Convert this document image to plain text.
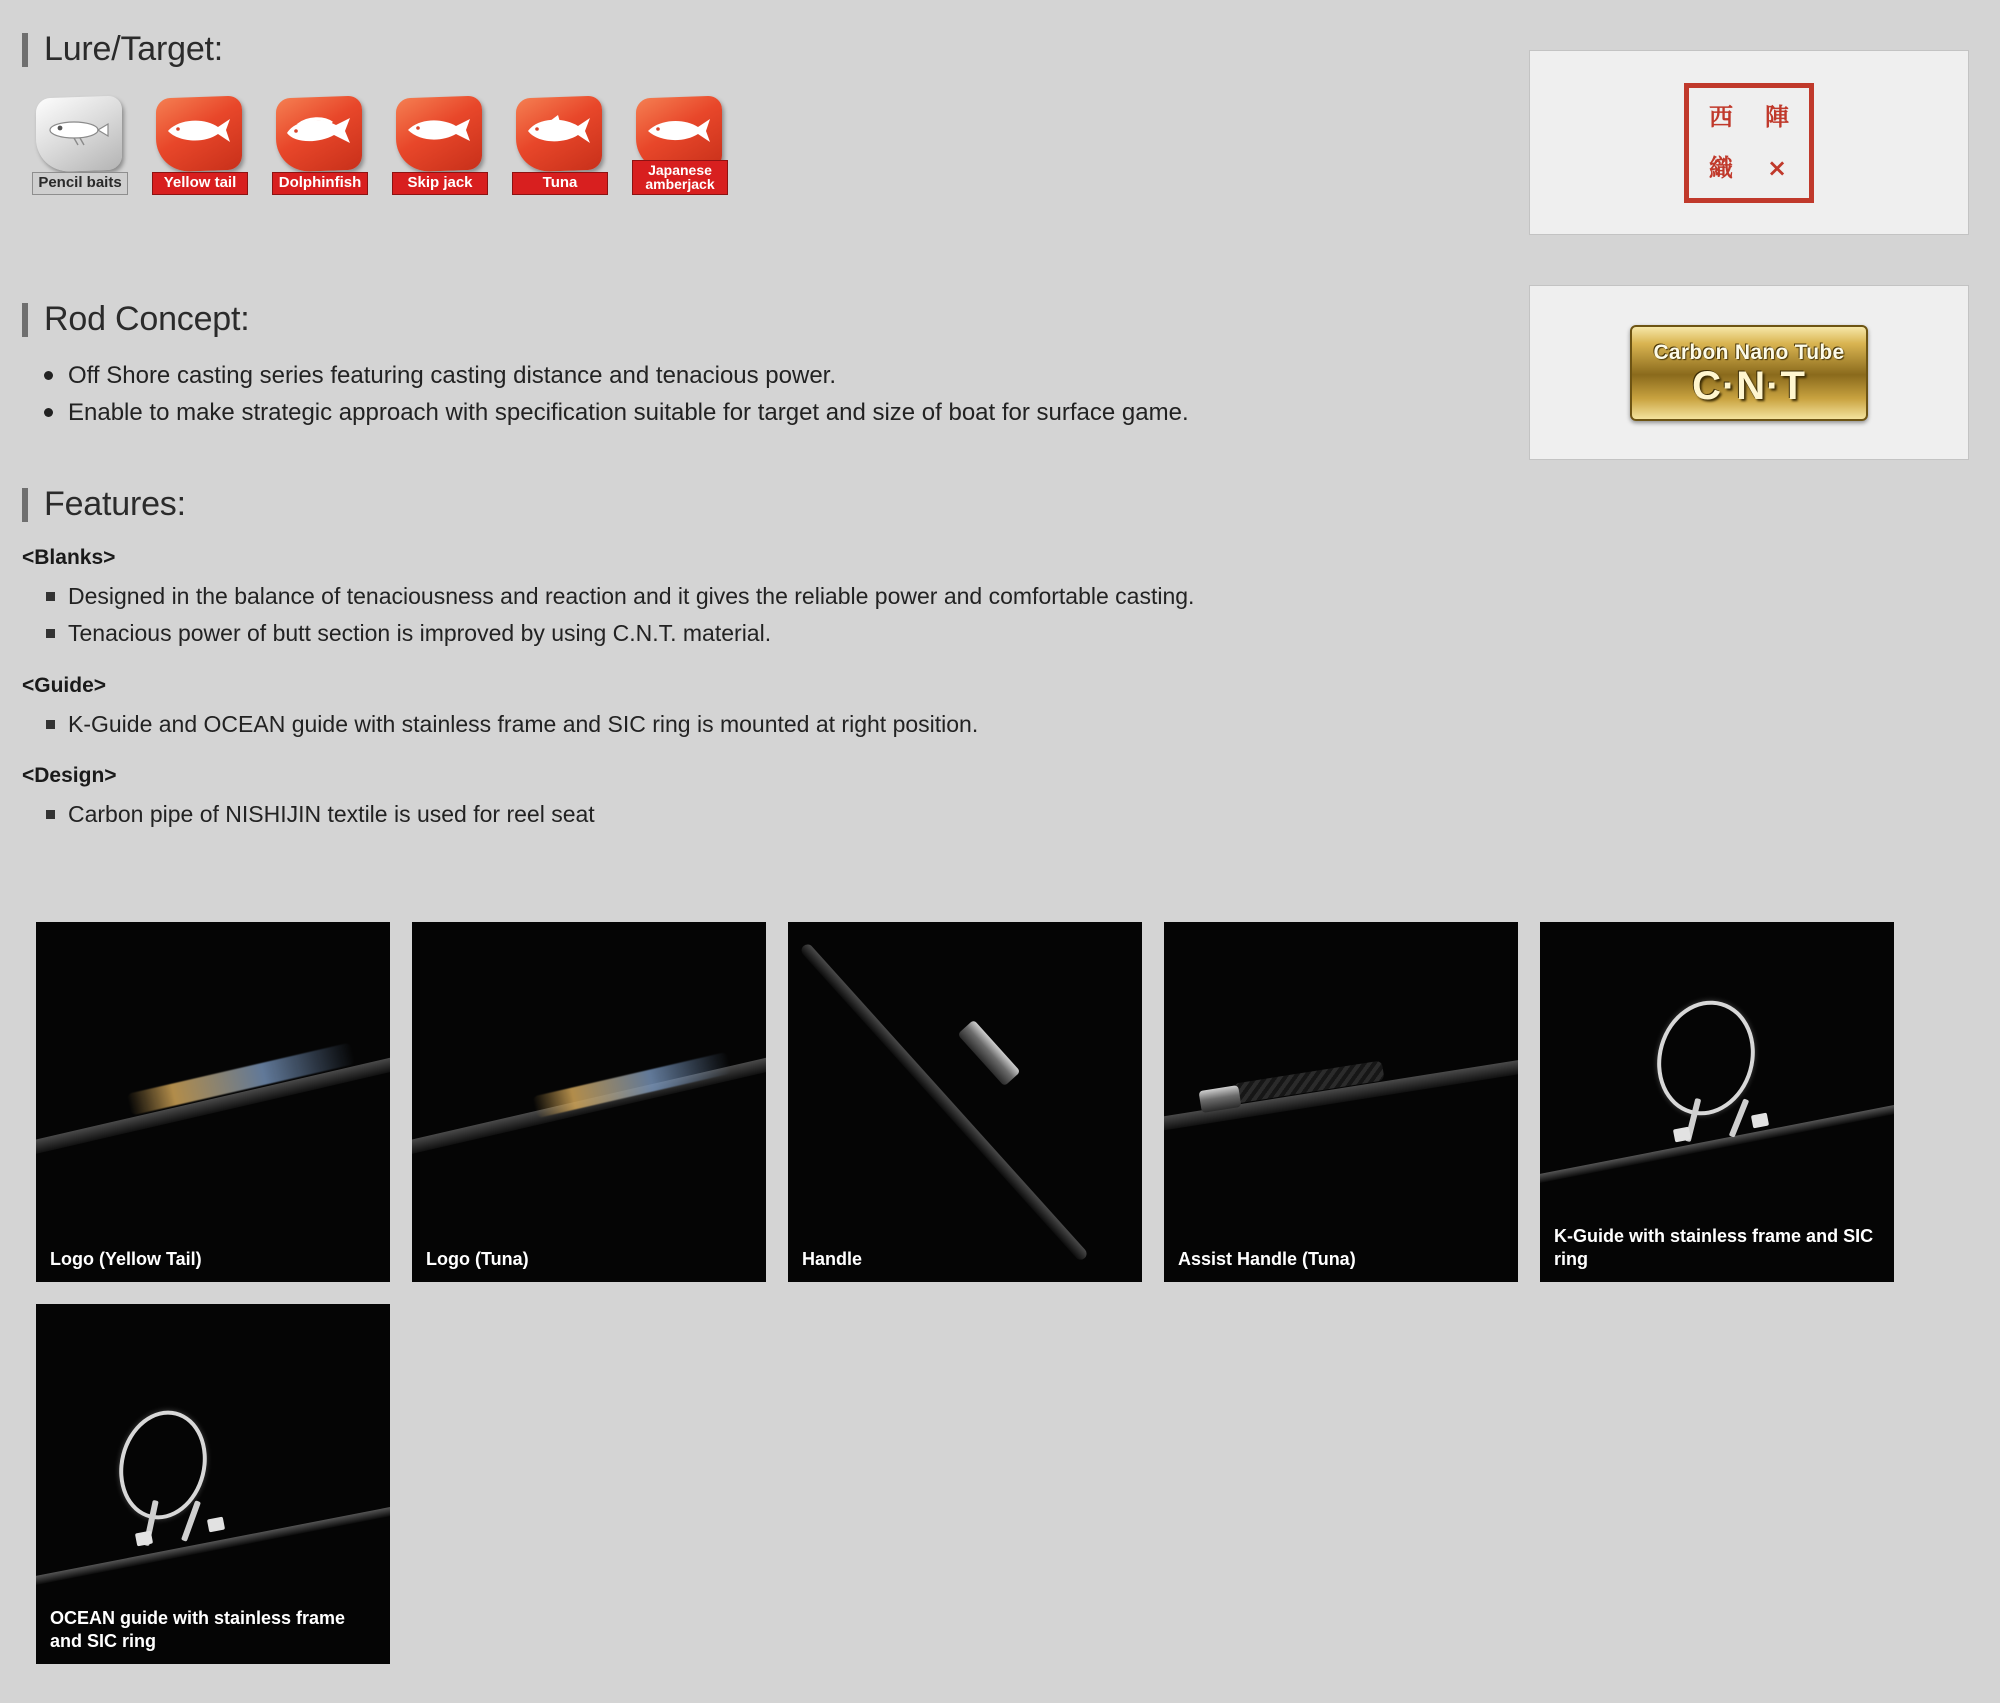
Lure/Target:
Pencil baits	Yellow tail	Dolphinfish	Skip jack	Tuna
Japanese amberjack
Rod Concept:
Off Shore casting series featuring casting distance and tenacious power.
Enable to make strategic approach with specification suitable for target and size of boat for surface game.
Features:
<Blanks>
Designed in the balance of tenaciousness and reaction and it gives the reliable power and comfortable casting.
Tenacious power of butt section is improved by using C.N.T. material.
<Guide>
K-Guide and OCEAN guide with stainless frame and SIC ring is mounted at right position.
<Design>
Carbon pipe of NISHIJIN textile is used for reel seat
西	陣
織	×
Carbon Nano Tube
C·N·T
Logo (Yellow Tail)	Logo (Tuna)	Handle	Assist Handle (Tuna)
K-Guide with stainless frame and SIC ring
OCEAN guide with stainless frame and SIC ring
